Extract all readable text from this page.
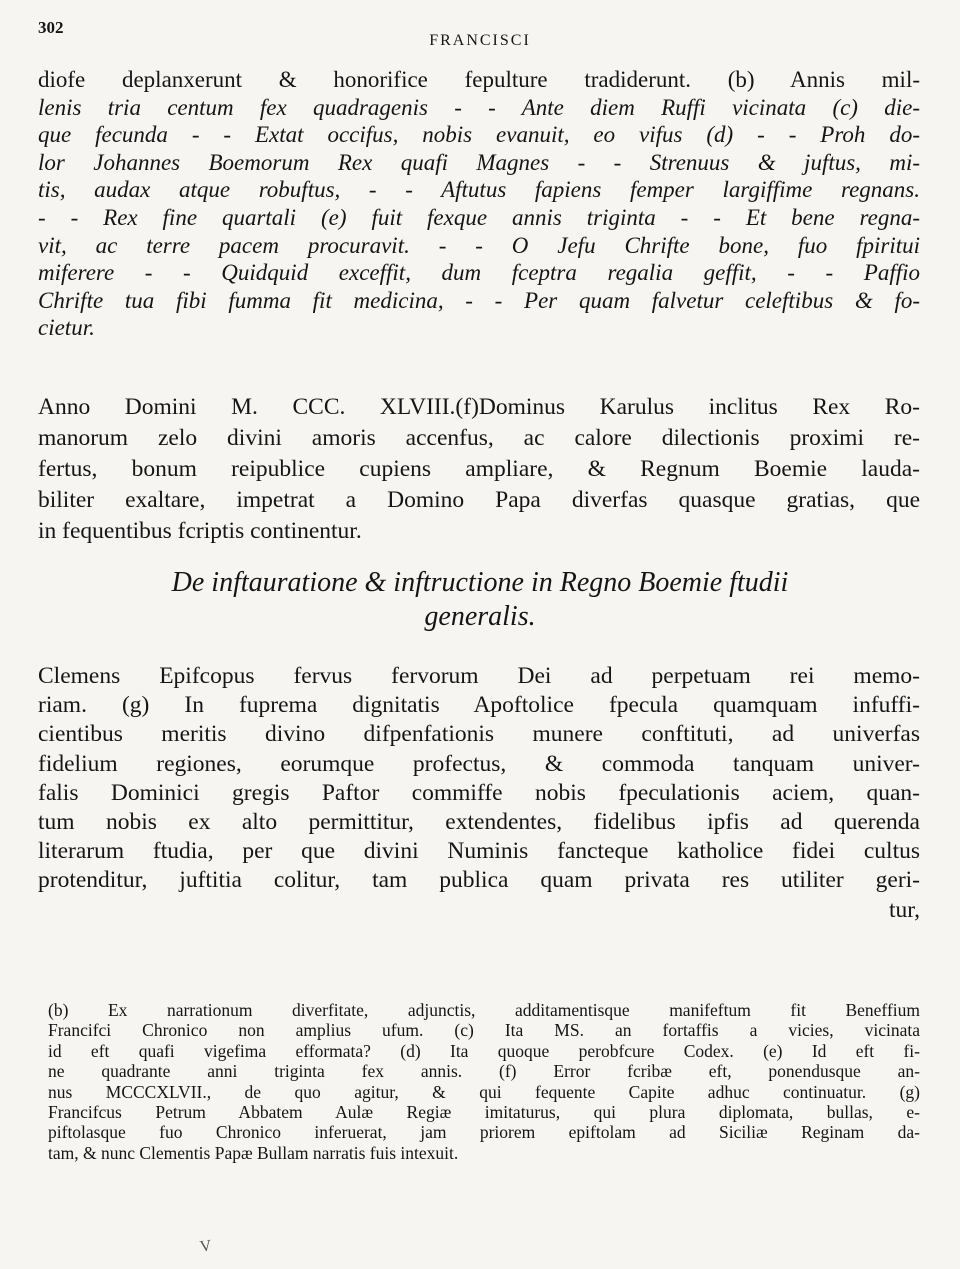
302
FRANCISCI
diofe deplanxerunt & honorifice fepulture tradiderunt. (b) Annis mil-
lenis tria centum fex quadragenis - - Ante diem Ruffi vicinata (c) die-
que fecunda - - Extat occifus, nobis evanuit, eo vifus (d) - - Proh do-
lor Johannes Boemorum Rex quafi Magnes - - Strenuus & juftus, mi-
tis, audax atque robuftus, - - Aftutus fapiens femper largiffime regnans.
- - Rex fine quartali (e) fuit fexque annis triginta - - Et bene regna-
vit, ac terre pacem procuravit. - - O Jefu Chrifte bone, fuo fpiritui
miferere - - Quidquid exceffit, dum fceptra regalia geffit, - - Paffio
Chrifte tua fibi fumma fit medicina, - - Per quam falvetur celeftibus & fo-
cietur.
Anno Domini M. CCC. XLVIII.(f)Dominus Karulus inclitus Rex Ro-
manorum zelo divini amoris accenfus, ac calore dilectionis proximi re-
fertus, bonum reipublice cupiens ampliare, & Regnum Boemie lauda-
biliter exaltare, impetrat a Domino Papa diverfas quasque gratias, que
in fequentibus fcriptis continentur.
De inftauratione & inftructione in Regno Boemie ftudii
generalis.
Clemens Epifcopus fervus fervorum Dei ad perpetuam rei memo-
riam. (g) In fuprema dignitatis Apoftolice fpecula quamquam infuffi-
cientibus meritis divino difpenfationis munere conftituti, ad univerfas
fidelium regiones, eorumque profectus, & commoda tanquam univer-
falis Dominici gregis Paftor commiffe nobis fpeculationis aciem, quan-
tum nobis ex alto permittitur, extendentes, fidelibus ipfis ad querenda
literarum ftudia, per que divini Numinis fancteque katholice fidei cultus
protenditur, juftitia colitur, tam publica quam privata res utiliter geri-
tur,
(b) Ex narrationum diverfitate, adjunctis, additamentisque manifeftum fit Beneffium
Francifci Chronico non amplius ufum. (c) Ita MS. an fortaffis a vicies, vicinata
id eft quafi vigefima efformata? (d) Ita quoque perobfcure Codex. (e) Id eft fi-
ne quadrante anni triginta fex annis. (f) Error fcribæ eft, ponendusque an-
nus MCCCXLVII., de quo agitur, & qui fequente Capite adhuc continuatur. (g)
Francifcus Petrum Abbatem Aulæ Regiæ imitaturus, qui plura diplomata, bullas, e-
piftolasque fuo Chronico inferuerat, jam priorem epiftolam ad Siciliæ Reginam da-
tam, & nunc Clementis Papæ Bullam narratis fuis intexuit.
V
